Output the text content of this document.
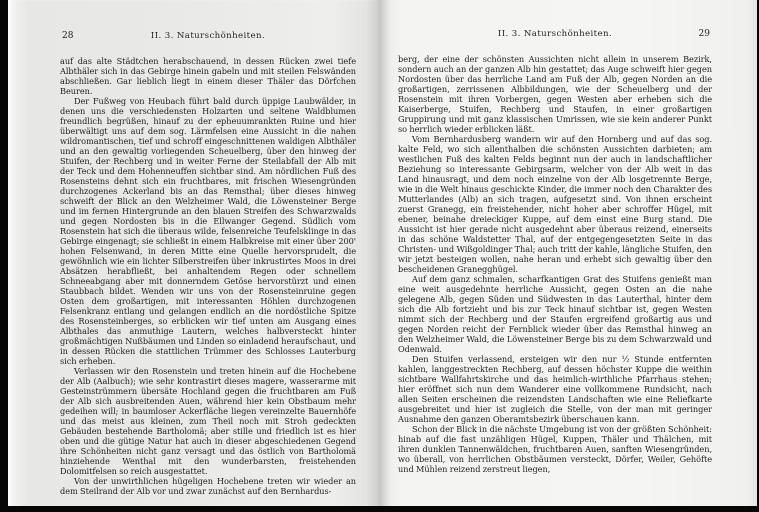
28	II. 3. Naturschönheiten.

auf das alte Städtchen herabschauend, in dessen Rücken zwei tiefe Albthäler sich in das Gebirge hinein gabeln und mit steilen Felswänden abschließen. Gar lieblich liegt in einem dieser Thäler das Dörfchen Beuren.

Der Fußweg von Heubach führt bald durch üppige Laubwälder, in denen uns die verschiedensten Holzarten und seltene Waldblumen freundlich begrüßen, hinauf zu der epheuumrankten Ruine und hier überwältigt uns auf dem sog. Lärmfelsen eine Aussicht in die nahen wildromantischen, tief und schroff eingeschnittenen waldigen Albthäler und an den gewaltig vorliegenden Scheuelberg, über den hinweg der Stuifen, der Rechberg und in weiter Ferne der Steilabfall der Alb mit der Teck und dem Hohenneuffen sichtbar sind. Am nördlichen Fuß des Rosensteins dehnt sich ein fruchtbares, mit frischen Wiesengründen durchzogenes Ackerland bis an das Remsthal; über dieses hinweg schweift der Blick an den Welzheimer Wald, die Löwensteiner Berge und im fernen Hintergrunde an den blauen Streifen des Schwarzwalds und gegen Nordosten bis in die Ellwanger Gegend. Südlich vom Rosenstein hat sich die überaus wilde, felsenreiche Teufelsklinge in das Gebirge eingenagt; sie schließt in einem Halbkreise mit einer über 200' hohen Felsenwand, in deren Mitte eine Quelle hervorsprudelt, die gewöhnlich wie ein lichter Silberstreifen über inkrustirtes Moos in drei Absätzen herabfließt, bei anhaltendem Regen oder schnellem Schneeabgang aber mit donnerndem Getöse hervorstürzt und einen Staubbach bildet. Wenden wir uns von der Rosensteinruine gegen Osten dem großartigen, mit interessanten Höhlen durchzogenen Felsenkranz entlang und gelangen endlich an die nordöstliche Spitze des Rosensteinberges, so erblicken wir tief unten am Ausgang eines Albthales das anmuthige Lautern, welches halbversteckt hinter großmächtigen Nußbäumen und Linden so einladend heraufschaut, und in dessen Rücken die stattlichen Trümmer des Schlosses Lauterburg sich erheben.

Verlassen wir den Rosenstein und treten hinein auf die Hochebene der Alb (Aalbuch); wie sehr kontrastirt dieses magere, wasserarme mit Gesteinstrümmern übersäte Hochland gegen die fruchtbaren am Fuß der Alb sich ausbreitenden Auen, während hier kein Obstbaum mehr gedeihen will; in baumloser Ackerfläche liegen vereinzelte Bauernhöfe und das meist aus kleinen, zum Theil noch mit Stroh gedeckten Gebäuden bestehende Bartholomä; aber stille und friedlich ist es hier oben und die gütige Natur hat auch in dieser abgeschiedenen Gegend ihre Schönheiten nicht ganz versagt und das östlich von Bartholomä hinziehende Wenthal mit den wunderbarsten, freistehenden Dolomitfelsen so reich ausgestattet.

Von der unwirthlichen hügeligen Hochebene treten wir wieder an dem Steilrand der Alb vor und zwar zunächst auf den Bernhardus-

II. 3. Naturschönheiten.	29

berg, der eine der schönsten Aussichten nicht allein in unserem Bezirk, sondern auch an der ganzen Alb hin gestattet; das Auge schweift hier gegen Nordosten über das herrliche Land am Fuß der Alb, gegen Norden an die großartigen, zerrissenen Albbildungen, wie der Scheuelberg und der Rosenstein mit ihren Vorbergen, gegen Westen aber erheben sich die Kaiserberge, Stuifen, Rechberg und Staufen, in einer großartigen Gruppirung und mit ganz klassischen Umrissen, wie sie kein anderer Punkt so herrlich wieder erblicken läßt.

Vom Bernhardusberg wandern wir auf den Hornberg und auf das sog. kalte Feld, wo sich allenthalben die schönsten Aussichten darbieten; am westlichen Fuß des kalten Felds beginnt nun der auch in landschaftlicher Beziehung so interessante Gebirgsarm, welcher von der Alb weit in das Land hinausragt, und dem noch einzelne von der Alb losgetrennte Berge, wie in die Welt hinaus geschickte Kinder, die immer noch den Charakter des Mutterlandes (Alb) an sich tragen, aufgesetzt sind. Von ihnen erscheint zuerst Granegg, ein freistehender, nicht hoher aber schroffer Hügel, mit ebener, beinahe dreieckiger Kuppe, auf dem einst eine Burg stand. Die Aussicht ist hier gerade nicht ausgedehnt aber überaus reizend, einerseits in das schöne Waldstetter Thal, auf der entgegengesetzten Seite in das Christen- und Wißgoldinger Thal; auch tritt der kahle, längliche Stuifen, den wir jetzt besteigen wollen, nahe heran und erhebt sich gewaltig über den bescheidenen Granegghügel.

Auf dem ganz schmalen, scharfkantigen Grat des Stuifens genießt man eine weit ausgedehnte herrliche Aussicht, gegen Osten an die nahe gelegene Alb, gegen Süden und Südwesten in das Lauterthal, hinter dem sich die Alb fortzieht und bis zur Teck hinauf sichtbar ist, gegen Westen nimmt sich der Rechberg und der Staufen ergreifend großartig aus und gegen Norden reicht der Fernblick wieder über das Remsthal hinweg an den Welzheimer Wald, die Löwensteiner Berge bis zu dem Schwarzwald und Odenwald.

Den Stuifen verlassend, ersteigen wir den nur ½ Stunde entfernten kahlen, langgestreckten Rechberg, auf dessen höchster Kuppe die weithin sichtbare Wallfahrtskirche und das heimlich-wirthliche Pfarrhaus stehen; hier eröffnet sich nun dem Wanderer eine vollkommene Rundsicht, nach allen Seiten erscheinen die reizendsten Landschaften wie eine Reliefkarte ausgebreitet und hier ist zugleich die Stelle, von der man mit geringer Ausnahme den ganzen Oberamtsbezirk überschauen kann.

Schon der Blick in die nächste Umgebung ist von der größten Schönheit: hinab auf die fast unzähligen Hügel, Kuppen, Thäler und Thälchen, mit ihren dunklen Tannenwäldchen, fruchtbaren Auen, sanften Wiesengründen, wo überall, von herrlichen Obstbäumen versteckt, Dörfer, Weiler, Gehöfte und Mühlen reizend zerstreut liegen,
